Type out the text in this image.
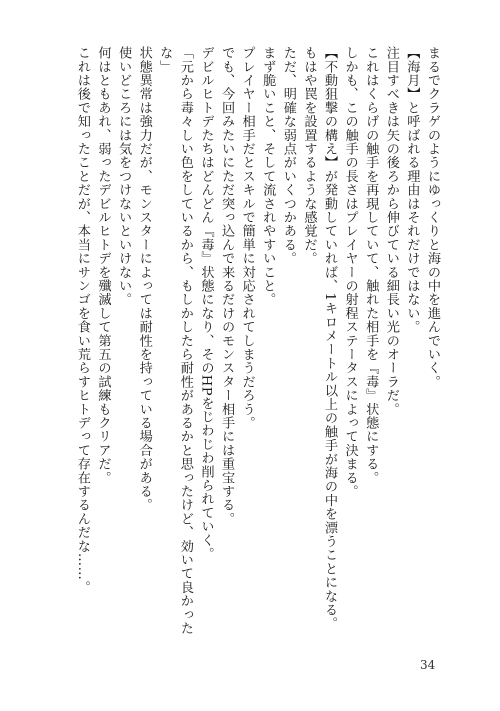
まるでクラゲのようにゆっくりと海の中を進んでいく。
【海月】と呼ばれる理由はそれだけではない。
注目すべきは矢の後ろから伸びている細長い光のオーラだ。
これはくらげの触手を再現していて、触れた相手を『毒』状態にする。
しかも、この触手の長さはプレイヤーの射程ステータスによって決まる。
【不動狙撃の構え】が発動していれば、1キロメートル以上の触手が海の中を漂うことになる。
もはや罠を設置するような感覚だ。
ただ、明確な弱点がいくつかある。
まず脆いこと、そして流されやすいこと。
プレイヤー相手だとスキルで簡単に対応されてしまうだろう。
でも、今回みたいにただ突っ込んで来るだけのモンスター相手には重宝する。
デビルヒトデたちはどんどん『毒』状態になり、そのHPをじわじわ削られていく。
「元から毒々しい色をしているから、もしかしたら耐性があるかと思ったけど、効いて良かった
な」
状態異常は強力だが、モンスターによっては耐性を持っている場合がある。
使いどころには気をつけないといけない。
何はともあれ、弱ったデビルヒトデを殲滅して第五の試練もクリアだ。
これは後で知ったことだが、本当にサンゴを食い荒らすヒトデって存在するんだな……。
34
